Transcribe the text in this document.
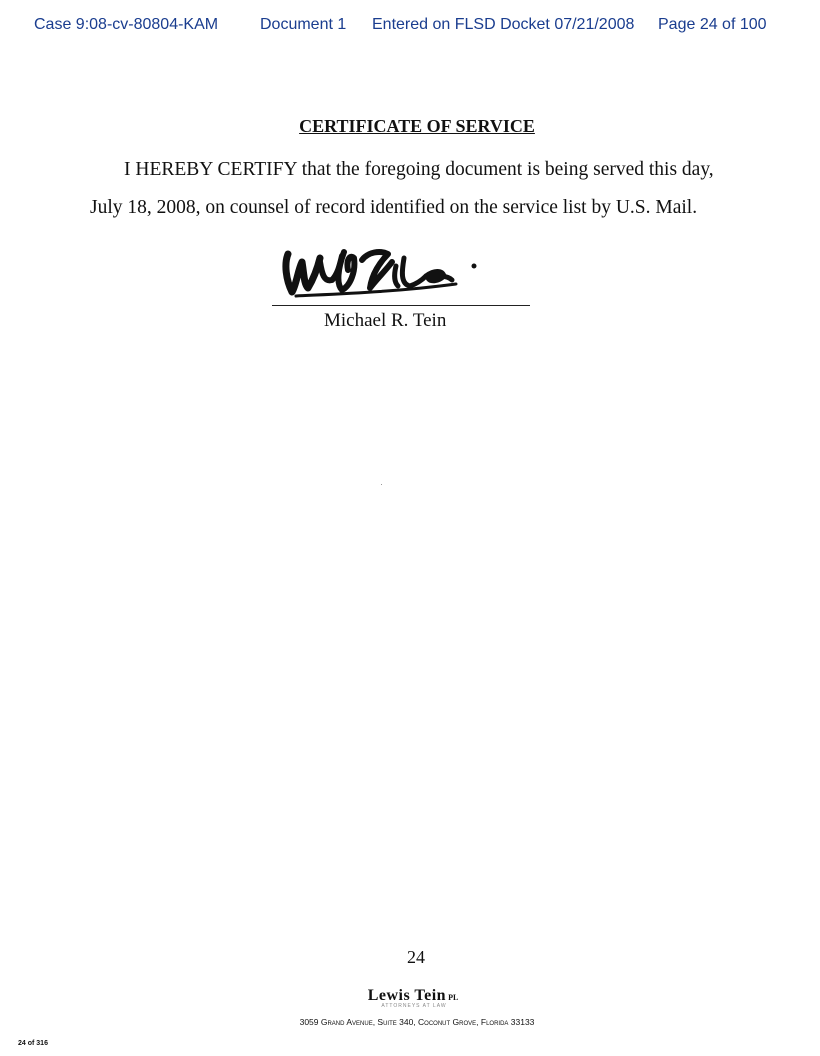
Case 9:08-cv-80804-KAM	Document 1 Entered on FLSD Docket 07/21/2008 Page 24 of 100
CERTIFICATE OF SERVICE
I HEREBY CERTIFY that the foregoing document is being served this day,
July 18, 2008, on counsel of record identified on the service list by U.S. Mail.
Michael R. Tein
24
Lewis Tein PL
ATTORNEYS AT LAW
3059 Grand Avenue, Suite 340, Coconut Grove, Florida 33133
24 of 316
